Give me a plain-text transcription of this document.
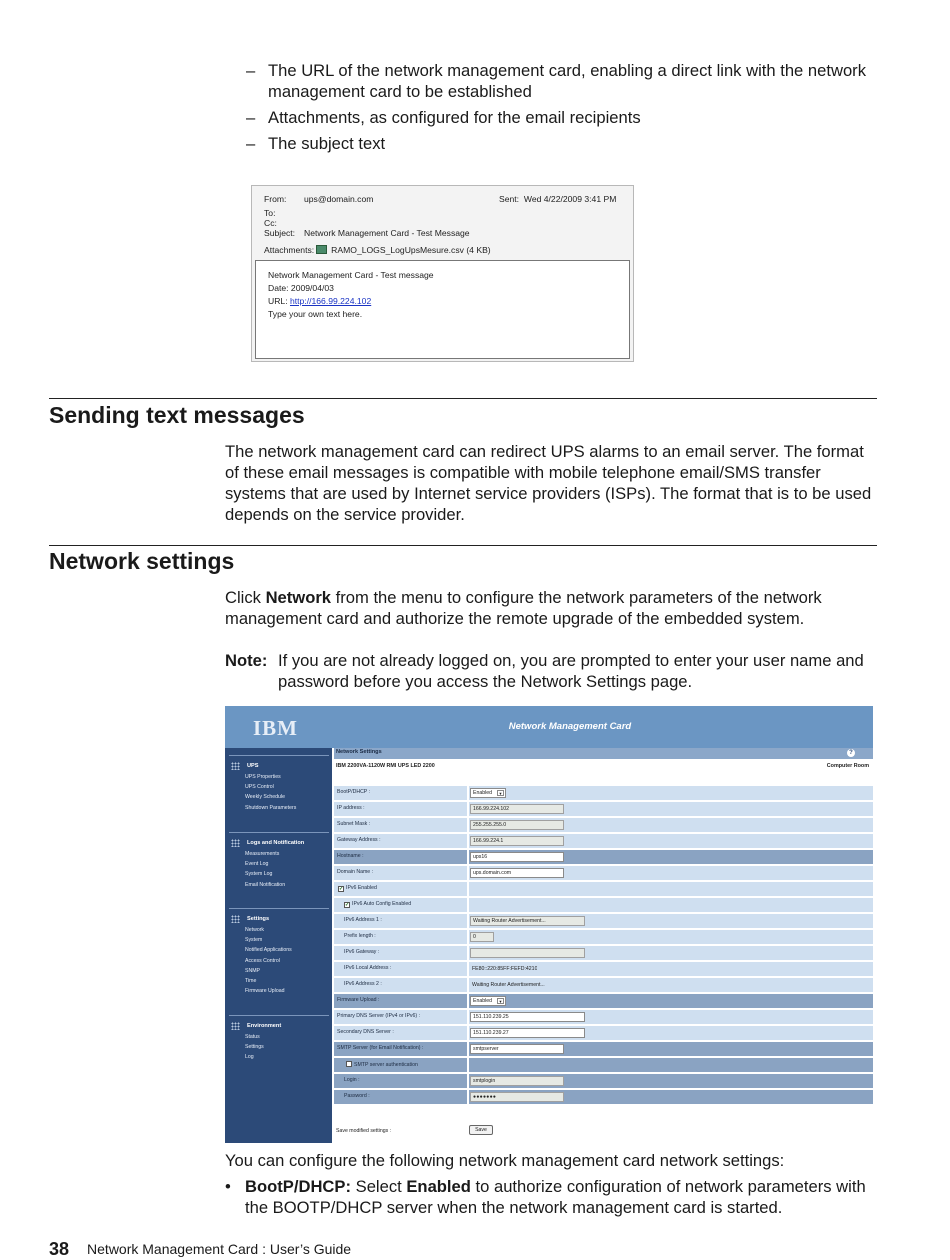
– The URL of the network management card, enabling a direct link with the network management card to be established
– Attachments, as configured for the email recipients
– The subject text
From: ups@domain.com	Sent: Wed 4/22/2009 3:41 PM
To:
Cc:
Subject: Network Management Card - Test Message
Attachments: RAMO_LOGS_LogUpsMesure.csv (4 KB)
Network Management Card - Test message
Date: 2009/04/03
URL: http://166.99.224.102
Type your own text here.
Sending text messages
The network management card can redirect UPS alarms to an email server. The format of these email messages is compatible with mobile telephone email/SMS transfer systems that are used by Internet service providers (ISPs). The format that is to be used depends on the service provider.
Network settings
Click Network from the menu to configure the network parameters of the network management card and authorize the remote upgrade of the embedded system.
Note: If you are not already logged on, you are prompted to enter your user name and password before you access the Network Settings page.
IBM	Network Management Card
UPS
UPS Properties
UPS Control
Weekly Schedule
Shutdown Parameters
Logs and Notification
Measurements
Event Log
System Log
Email Notification
Settings
Network
System
Notified Applications
Access Control
SNMP
Time
Firmware Upload
Environment
Status
Settings
Log
Network Settings	?
IBM 2200VA-1120W RMI UPS LED 2200	Computer Room
BootP/DHCP :	Enabled	▼
IP address :	166.99.224.102
Subnet Mask :	255.255.255.0
Gateway Address :	166.99.224.1
Hostname :	ups16
Domain Name :	ups.domain.com
✓ IPv6 Enabled
✓ IPv6 Auto Config Enabled
IPv6 Address 1 :	Waiting Router Advertisement...
Prefix length :	0
IPv6 Gateway :
IPv6 Local Address :	FE80::220:85FF:FEFD:4210
IPv6 Address 2 :	Waiting Router Advertisement...
Firmware Upload :	Enabled	▼
Primary DNS Server (IPv4 or IPv6) :	151.110.239.25
Secondary DNS Server :	151.110.239.27
SMTP Server (for Email Notification) :	smtpserver
SMTP server authentication
Login :	smtplogin
Password :	●●●●●●●
Save modified settings :	Save
You can configure the following network management card network settings:
• BootP/DHCP: Select Enabled to authorize configuration of network parameters with the BOOTP/DHCP server when the network management card is started.
38 Network Management Card : User’s Guide
